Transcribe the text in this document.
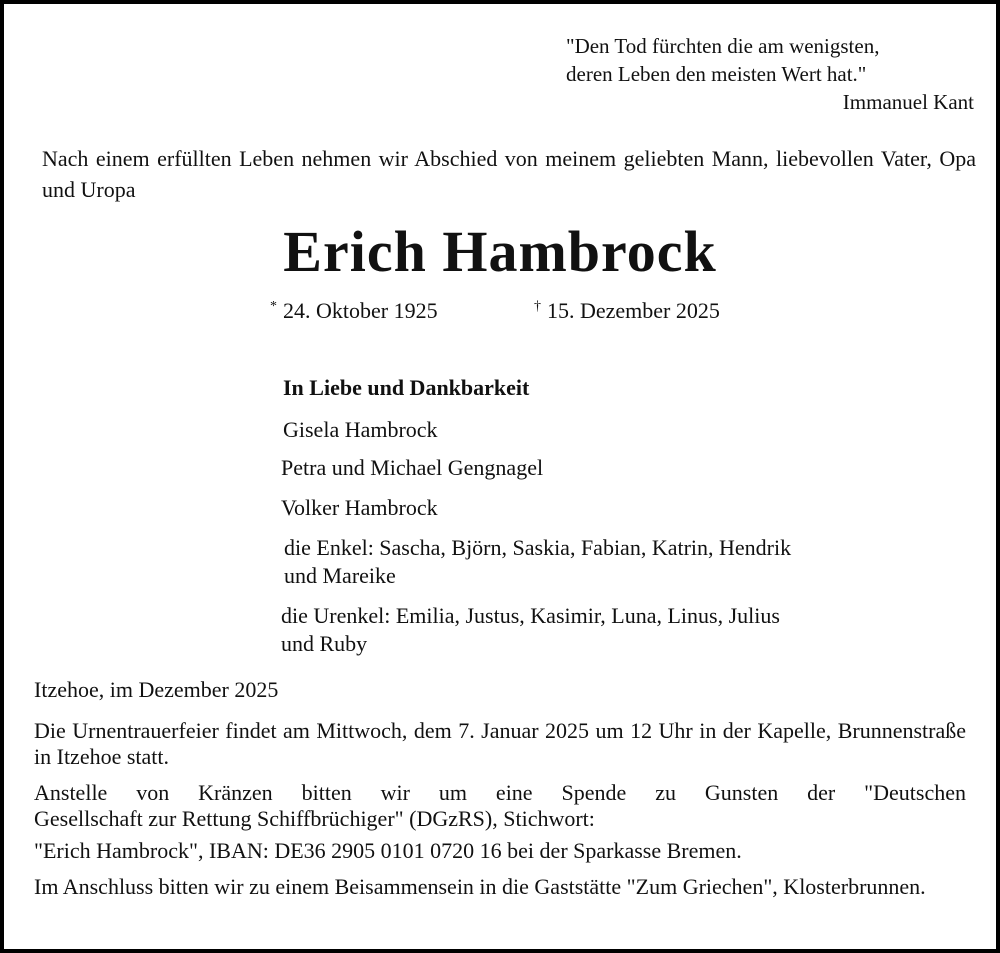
"Den Tod fürchten die am wenigsten,
deren Leben den meisten Wert hat."
Immanuel Kant
Nach einem erfüllten Leben nehmen wir Abschied von meinem geliebten Mann, liebevollen Vater, Opa und Uropa
Erich Hambrock
* 24. Oktober 1925	† 15. Dezember 2025
In Liebe und Dankbarkeit
Gisela Hambrock
Petra und Michael Gengnagel
Volker Hambrock
die Enkel: Sascha, Björn, Saskia, Fabian, Katrin, Hendrik
und Mareike
die Urenkel: Emilia, Justus, Kasimir, Luna, Linus, Julius
und Ruby
Itzehoe, im Dezember 2025
Die Urnentrauerfeier findet am Mittwoch, dem 7. Januar 2025 um 12 Uhr in der Kapelle, Brunnenstraße in Itzehoe statt.
Anstelle von Kränzen bitten wir um eine Spende zu Gunsten der "Deutschen
Gesellschaft zur Rettung Schiffbrüchiger" (DGzRS), Stichwort:
"Erich Hambrock", IBAN: DE36 2905 0101 0720 16 bei der Sparkasse Bremen.
Im Anschluss bitten wir zu einem Beisammensein in die Gaststätte "Zum Griechen", Klosterbrunnen.
